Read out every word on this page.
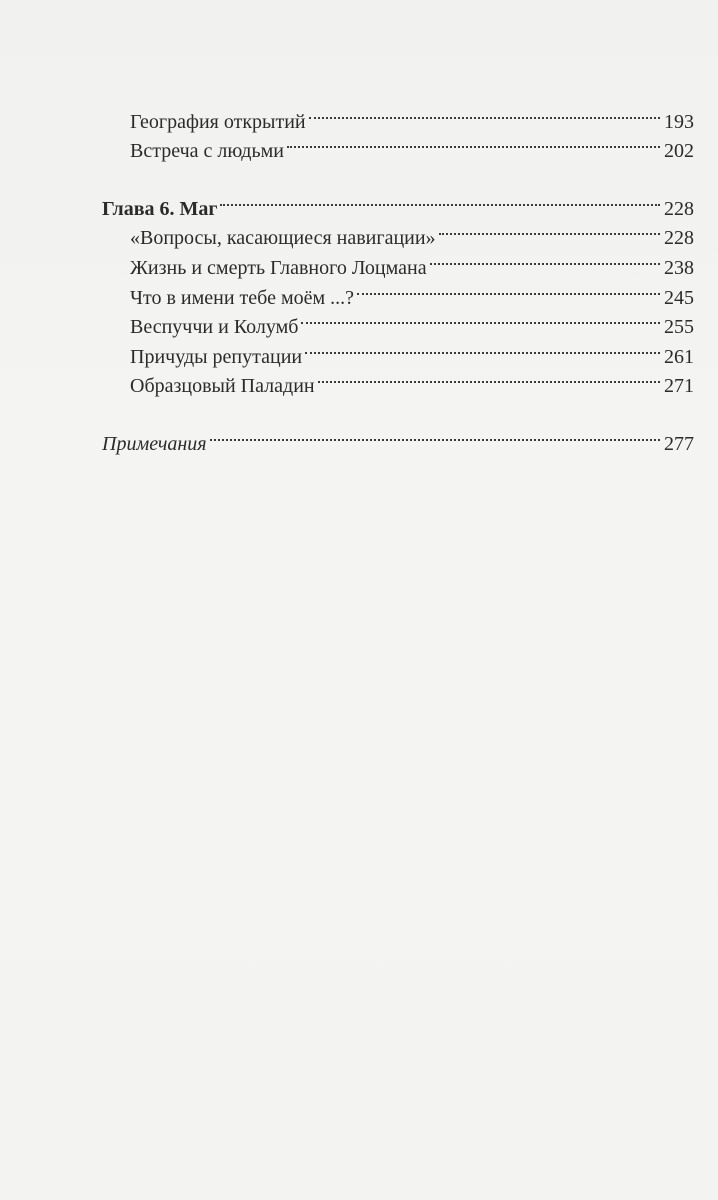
География открытий	193
Встреча с людьми	202
Глава 6. Маг	228
«Вопросы, касающиеся навигации»	228
Жизнь и смерть Главного Лоцмана	238
Что в имени тебе моём ...?	245
Веспуччи и Колумб	255
Причуды репутации	261
Образцовый Паладин	271
Примечания	277
